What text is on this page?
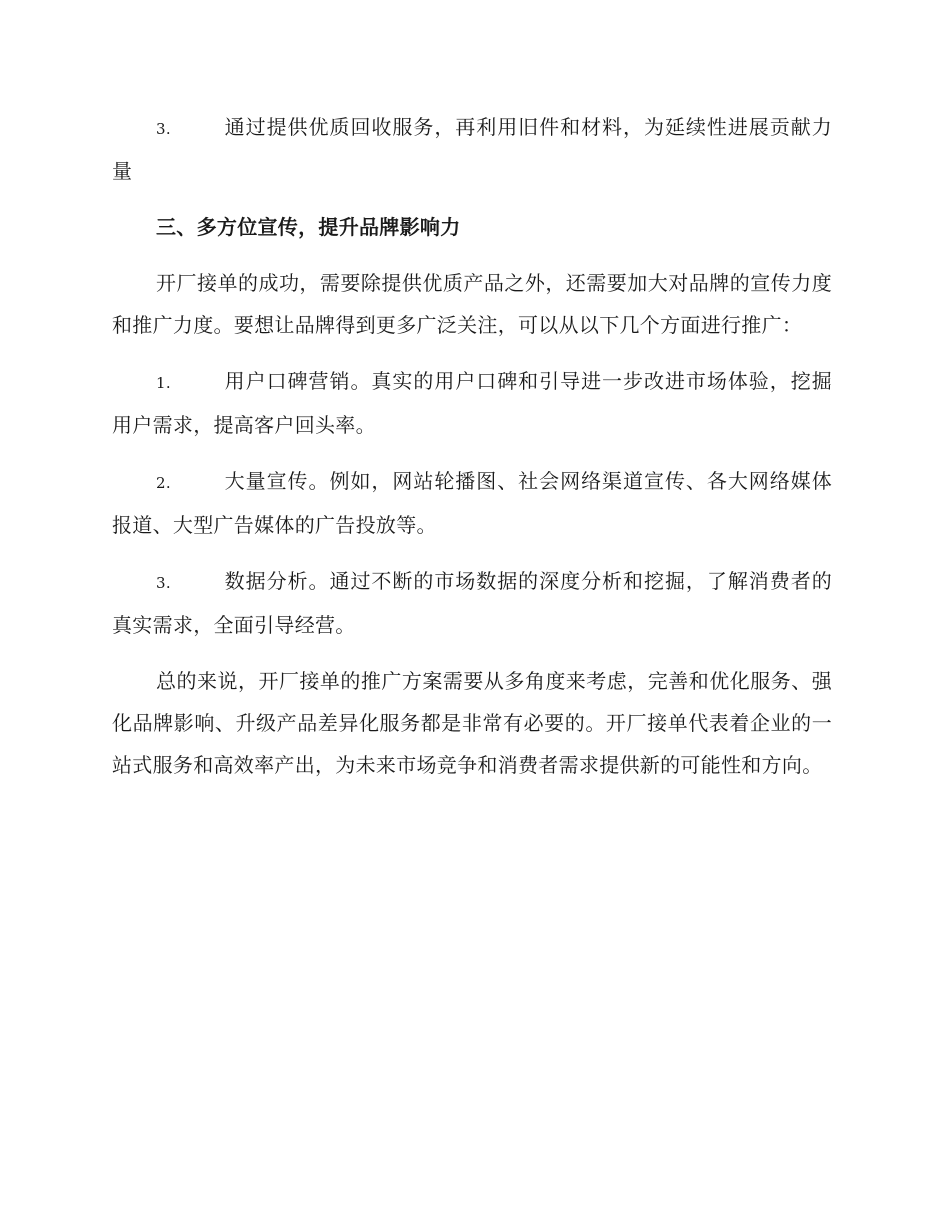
3.	通过提供优质回收服务，再利用旧件和材料，为延续性进展贡献力量

三、多方位宣传，提升品牌影响力

开厂接单的成功，需要除提供优质产品之外，还需要加大对品牌的宣传力度和推广力度。要想让品牌得到更多广泛关注，可以从以下几个方面进行推广：

1.	用户口碑营销。真实的用户口碑和引导进一步改进市场体验，挖掘用户需求，提高客户回头率。

2.	大量宣传。例如，网站轮播图、社会网络渠道宣传、各大网络媒体报道、大型广告媒体的广告投放等。

3.	数据分析。通过不断的市场数据的深度分析和挖掘，了解消费者的真实需求，全面引导经营。

总的来说，开厂接单的推广方案需要从多角度来考虑，完善和优化服务、强化品牌影响、升级产品差异化服务都是非常有必要的。开厂接单代表着企业的一站式服务和高效率产出，为未来市场竞争和消费者需求提供新的可能性和方向。
